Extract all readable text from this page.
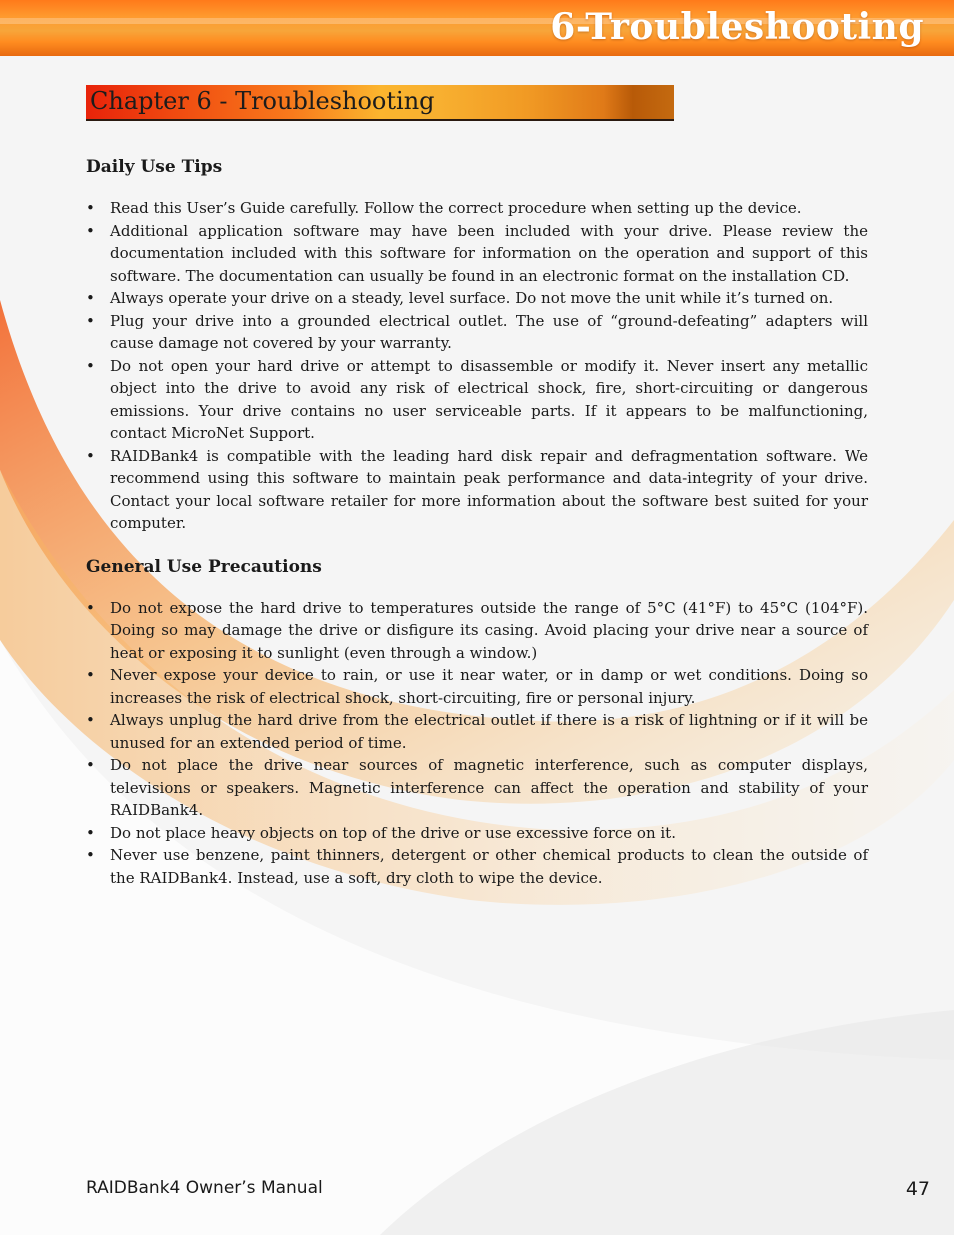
6-Troubleshooting
Chapter 6 - Troubleshooting
Daily Use Tips
• Read this User’s Guide carefully. Follow the correct procedure when setting up the device.
• Additional application software may have been included with your drive. Please review the documentation included with this software for information on the operation and support of this software. The documentation can usually be found in an electronic format on the installation CD.
• Always operate your drive on a steady, level surface. Do not move the unit while it’s turned on.
• Plug your drive into a grounded electrical outlet. The use of “ground-defeating” adapters will cause damage not covered by your warranty.
• Do not open your hard drive or attempt to disassemble or modify it. Never insert any metallic object into the drive to avoid any risk of electrical shock, fire, short-circuiting or dangerous emissions. Your drive contains no user serviceable parts. If it appears to be malfunctioning, contact MicroNet Support.
• RAIDBank4 is compatible with the leading hard disk repair and defragmentation software. We recommend using this software to maintain peak performance and data-integrity of your drive. Contact your local software retailer for more information about the software best suited for your computer.
General Use Precautions
• Do not expose the hard drive to temperatures outside the range of 5°C (41°F) to 45°C (104°F). Doing so may damage the drive or disfigure its casing. Avoid placing your drive near a source of heat or exposing it to sunlight (even through a window.)
• Never expose your device to rain, or use it near water, or in damp or wet conditions. Doing so increases the risk of electrical shock, short-circuiting, fire or personal injury.
• Always unplug the hard drive from the electrical outlet if there is a risk of lightning or if it will be unused for an extended period of time.
• Do not place the drive near sources of magnetic interference, such as computer displays, televisions or speakers. Magnetic interference can affect the operation and stability of your RAIDBank4.
• Do not place heavy objects on top of the drive or use excessive force on it.
• Never use benzene, paint thinners, detergent or other chemical products to clean the outside of the RAIDBank4. Instead, use a soft, dry cloth to wipe the device.
RAIDBank4 Owner’s Manual	47
